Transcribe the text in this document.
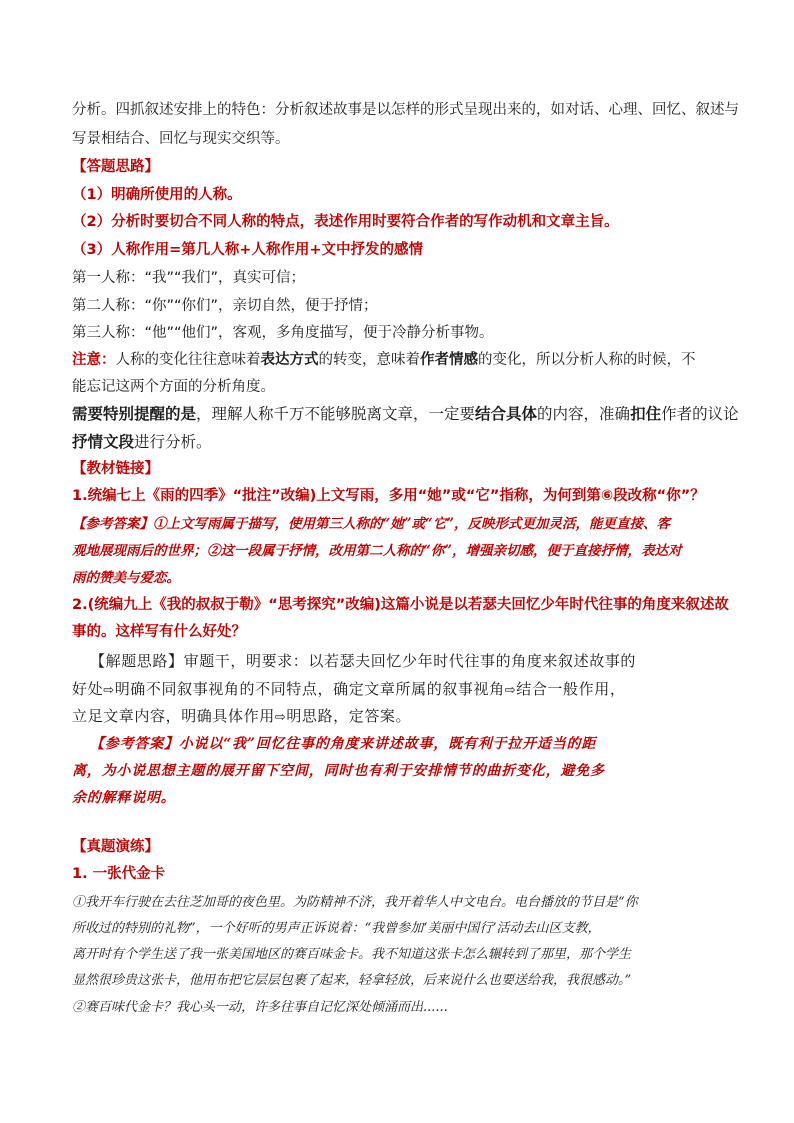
分析。四抓叙述安排上的特色：分析叙述故事是以怎样的形式呈现出来的，如对话、心理、回忆、叙述与
写景相结合、回忆与现实交织等。
【答题思路】
（1）明确所使用的人称。
（2）分析时要切合不同人称的特点，表述作用时要符合作者的写作动机和文章主旨。
（3）人称作用=第几人称+人称作用+文中抒发的感情
第一人称：“我”“我们”，真实可信；
第二人称：“你”“你们”，亲切自然，便于抒情；
第三人称：“他”“他们”，客观，多角度描写，便于冷静分析事物。
注意：人称的变化往往意味着表达方式的转变，意味着作者情感的变化，所以分析人称的时候，不
能忘记这两个方面的分析角度。
需要特别提醒的是，理解人称千万不能够脱离文章，一定要结合具体的内容，准确扣住作者的议论
抒情文段进行分析。
【教材链接】
1.统编七上《雨的四季》“批注”改编)上文写雨，多用“她”或“它”指称，为何到第⑥段改称“你”？
【参考答案】①上文写雨属于描写，使用第三人称的“她”或“它”，反映形式更加灵活，能更直接、客
观地展现雨后的世界；②这一段属于抒情，改用第二人称的“你”，增强亲切感，便于直接抒情，表达对
雨的赞美与爱恋。
2.(统编九上《我的叔叔于勒》“思考探究”改编)这篇小说是以若瑟夫回忆少年时代往事的角度来叙述故
事的。这样写有什么好处？
【解题思路】审题干，明要求：以若瑟夫回忆少年时代往事的角度来叙述故事的
好处⇨明确不同叙事视角的不同特点，确定文章所属的叙事视角⇨结合一般作用，
立足文章内容，明确具体作用⇨明思路，定答案。
【参考答案】小说以“我”回忆往事的角度来讲述故事，既有利于拉开适当的距
离，为小说思想主题的展开留下空间，同时也有利于安排情节的曲折变化，避免多
余的解释说明。
【真题演练】
1. 一张代金卡
①我开车行驶在去往芝加哥的夜色里。为防精神不济，我开着华人中文电台。电台播放的节目是“你
所收过的特别的礼物”，一个好听的男声正诉说着：“我曾参加‘美丽中国行’活动去山区支教，
离开时有个学生送了我一张美国地区的赛百味金卡。我不知道这张卡怎么辗转到了那里，那个学生
显然很珍贵这张卡，他用布把它层层包裹了起来，轻拿轻放，后来说什么也要送给我，我很感动。”
②赛百味代金卡？我心头一动，许多往事自记忆深处倾涌而出......
